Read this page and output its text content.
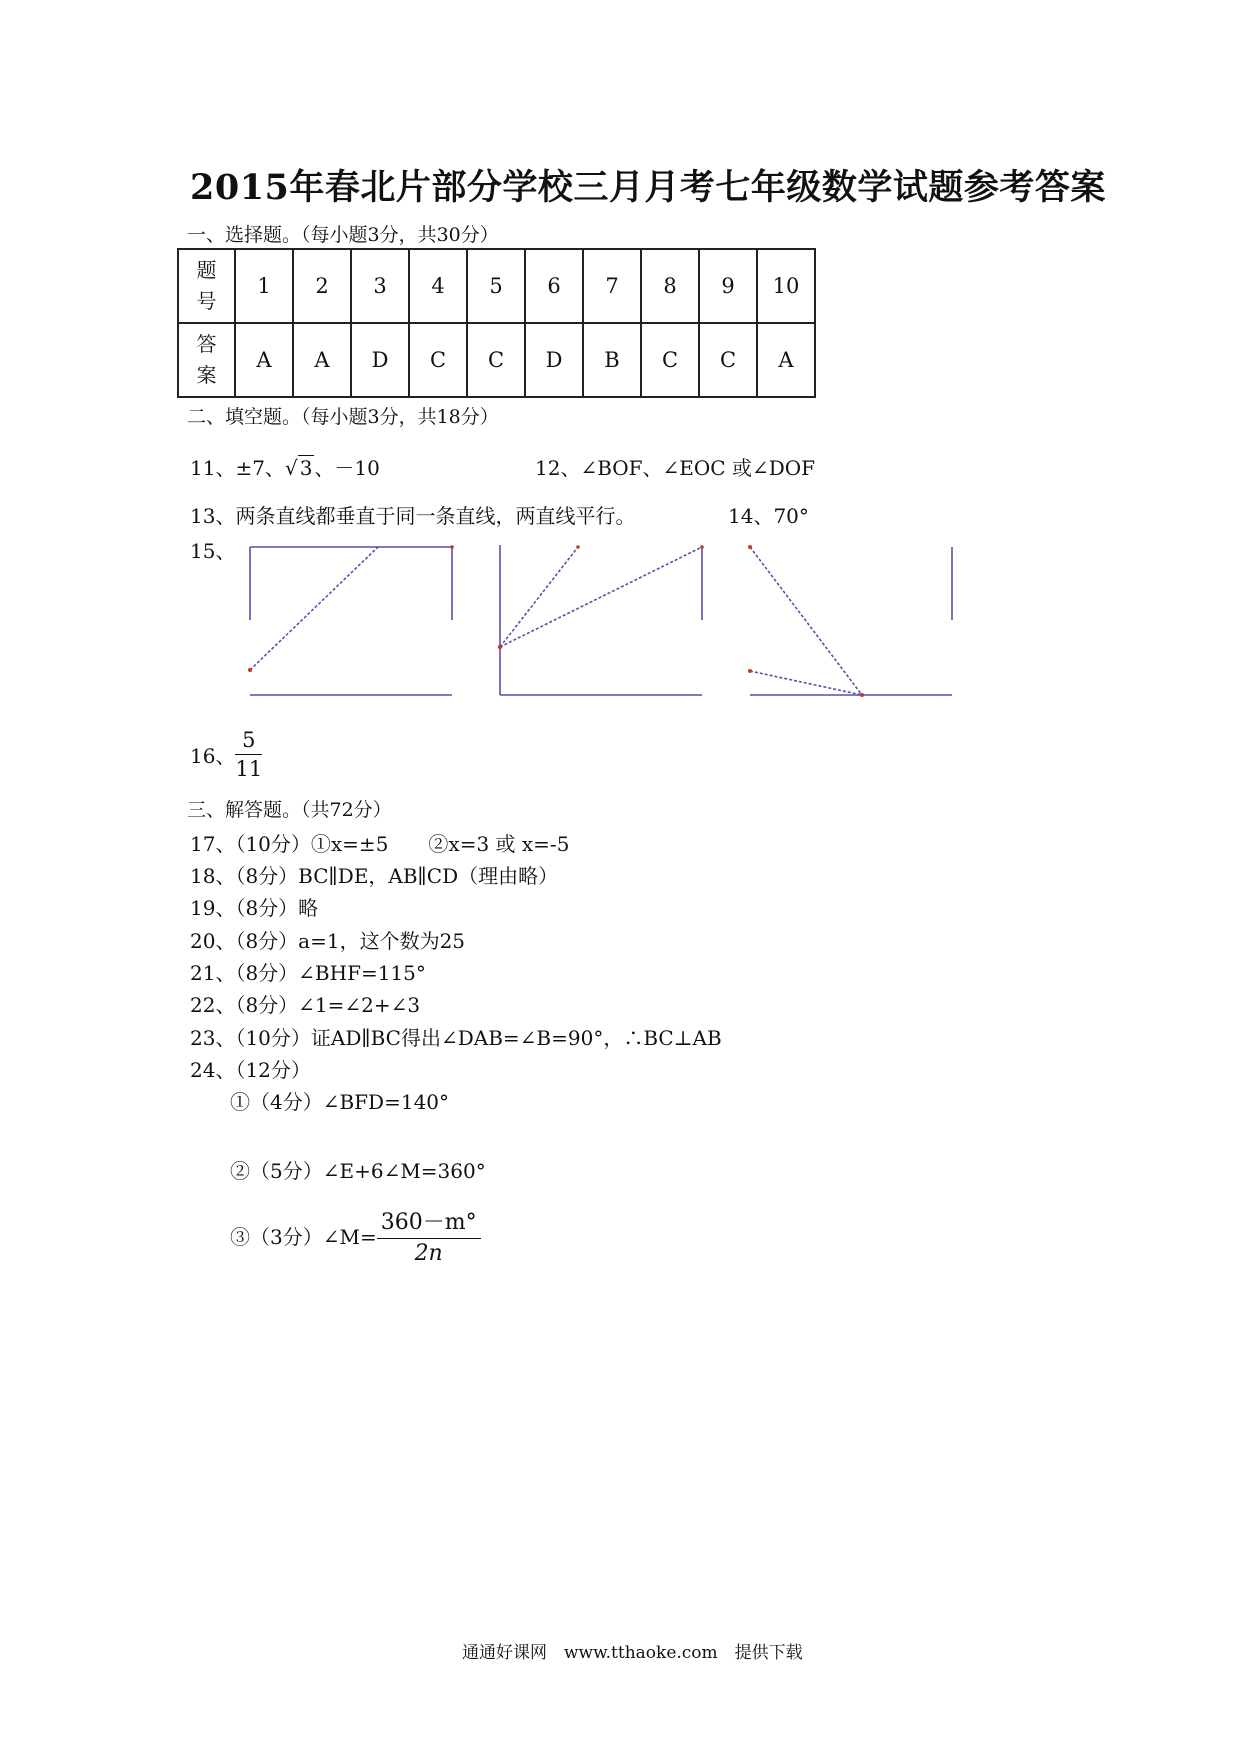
2015年春北片部分学校三月月考七年级数学试题参考答案
一、选择题。（每小题3分，共30分）
题
号	1	2	3	4	5	6	7	8	9	10

答
案	A	A	D	C	C	D	B	C	C	A
二、填空题。（每小题3分，共18分）
11、±7、√ 3 、－10	12、∠BOF、∠EOC 或∠DOF
13、两条直线都垂直于同一条直线，两直线平行。	14、70°
15、
16、 $\frac{5}{11}$
三、解答题。（共72分）
17、（10分）①x=±5　　②x=3 或 x=-5
18、（8分）BC∥DE，AB∥CD（理由略）
19、（8分）略
20、（8分）a=1，这个数为25
21、（8分）∠BHF=115°
22、（8分）∠1=∠2+∠3
23、（10分）证AD∥BC得出∠DAB=∠B=90°，∴BC⊥AB
24、（12分）
①（4分）∠BFD=140°
②（5分）∠E+6∠M=360°
③（3分）∠M= $\frac{360-m^\circ}{2n}$
通通好课网　www.tthaoke.com　提供下载
